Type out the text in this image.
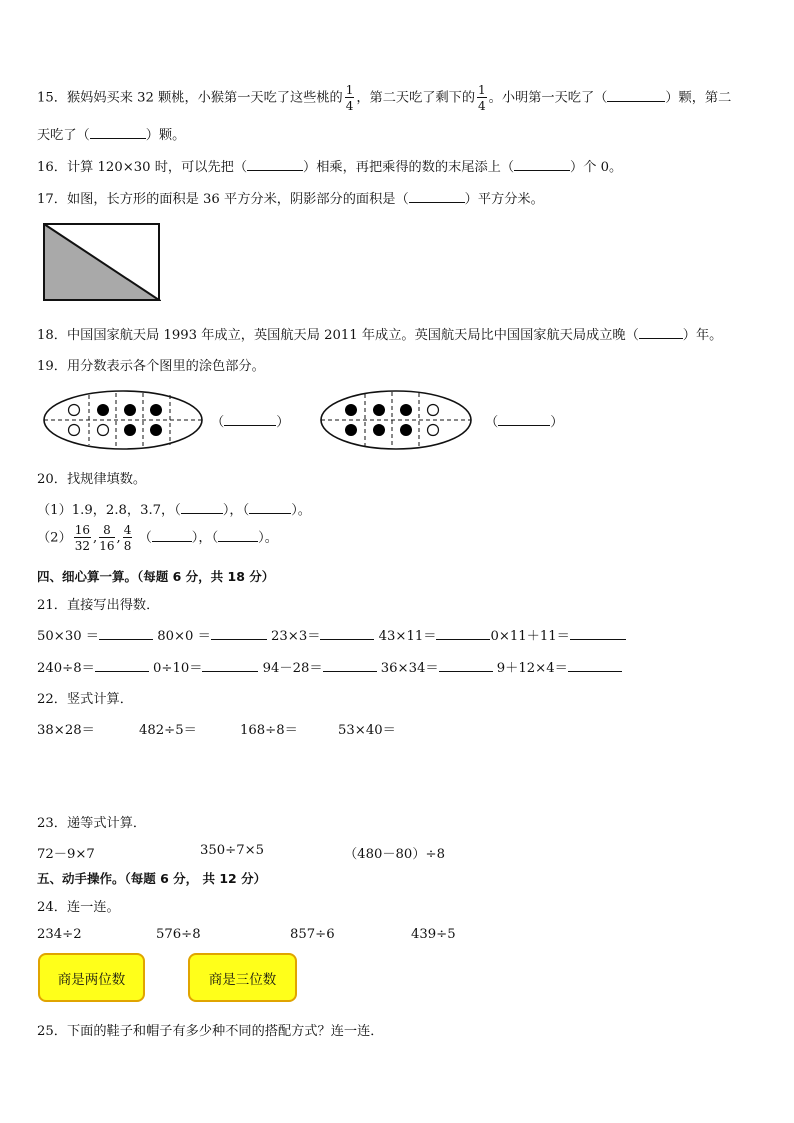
15．猴妈妈买来 32 颗桃，小猴第一天吃了这些桃的 $\frac{1}{4}$ ，第二天吃了剩下的 $\frac{1}{4}$ 。小明第一天吃了（	）颗，第二
天吃了（	）颗。
16．计算 120×30 时，可以先把（	）相乘，再把乘得的数的末尾添上（	）个 0。
17．如图，长方形的面积是 36 平方分米，阴影部分的面积是（	）平方分米。
18．中国国家航天局 1993 年成立，英国航天局 2011 年成立。英国航天局比中国国家航天局成立晚（	）年。
19．用分数表示各个图里的涂色部分。
（	）	（	）
20．找规律填数。
（1）1.9，2.8，3.7，（	），（	）。
$(2) \frac{16}{32}$ , $\frac{8}{16}$ , $\frac{4}{8}$ （	），（	）。
四、细心算一算。（每题 6 分，共 18 分）
21．直接写出得数．
50×30 ＝	80×0 ＝	23×3＝	43×11＝	0×11＋11＝
240÷8＝	0÷10＝	94－28＝	36×34＝	9＋12×4＝
22．竖式计算．
38×28＝	482÷5＝	168÷8＝	53×40＝
23．递等式计算．
72－9×7	350÷7×5	（480－80）÷8
五、动手操作。（每题 6 分， 共 12 分）
24．连一连。
234÷2	576÷8	857÷6	439÷5
商是两位数	商是三位数
25．下面的鞋子和帽子有多少种不同的搭配方式？连一连．
